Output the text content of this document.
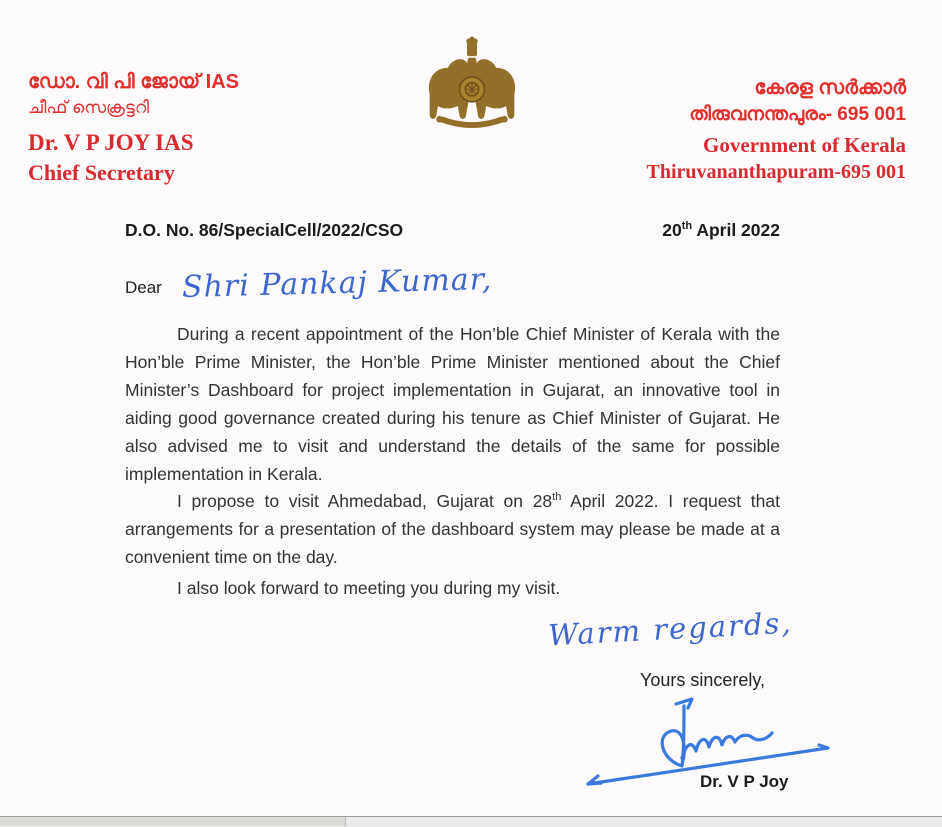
ഡോ. വി പി ജോയ് IAS
ചീഫ് സെക്രട്ടറി
Dr. V P JOY IAS
Chief Secretary
കേരള സർക്കാർ
തിരുവനന്തപുരം- 695 001
Government of Kerala
Thiruvananthapuram-695 001
D.O. No. 86/SpecialCell/2022/CSO	20th April 2022
Dear Shri Pankaj Kumar,
During a recent appointment of the Hon’ble Chief Minister of Kerala with the Hon’ble Prime Minister, the Hon’ble Prime Minister mentioned about the Chief Minister’s Dashboard for project implementation in Gujarat, an innovative tool in aiding good governance created during his tenure as Chief Minister of Gujarat. He also advised me to visit and understand the details of the same for possible implementation in Kerala.
I propose to visit Ahmedabad, Gujarat on 28th April 2022. I request that arrangements for a presentation of the dashboard system may please be made at a convenient time on the day.
I also look forward to meeting you during my visit.
Warm regards,
Yours sincerely,
Dr. V P Joy
